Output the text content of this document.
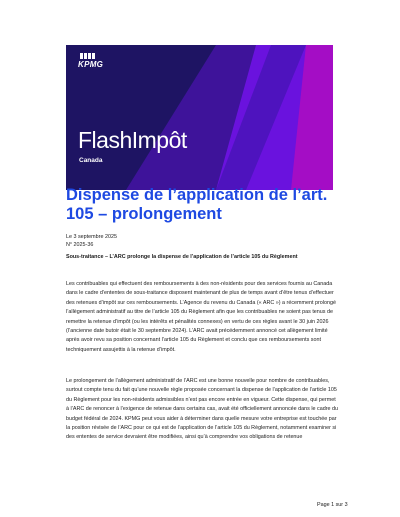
KPMG
FlashImpôt
Canada
Dispense de l’application de l’art. 105 – prolongement
Le 3 septembre 2025
N° 2025-36

Sous-traitance – L’ARC prolonge la dispense de l’application de l’article 105 du Règlement

Les contribuables qui effectuent des remboursements à des non-résidents pour des services fournis au Canada dans le cadre d’ententes de sous-traitance disposent maintenant de plus de temps avant d’être tenus d’effectuer des retenues d’impôt sur ces remboursements. L’Agence du revenu du Canada (« ARC ») a récemment prolongé l’allègement administratif au titre de l’article 105 du Règlement afin que les contribuables ne soient pas tenus de remettre la retenue d’impôt (ou les intérêts et pénalités connexes) en vertu de ces règles avant le 30 juin 2026 (l’ancienne date butoir était le 30 septembre 2024). L’ARC avait précédemment annoncé cet allègement limité après avoir revu sa position concernant l’article 105 du Règlement et conclu que ces remboursements sont techniquement assujettis à la retenue d’impôt.

Le prolongement de l’allègement administratif de l’ARC est une bonne nouvelle pour nombre de contribuables, surtout compte tenu du fait qu’une nouvelle règle proposée concernant la dispense de l’application de l’article 105 du Règlement pour les non-résidents admissibles n’est pas encore entrée en vigueur. Cette dispense, qui permet à l’ARC de renoncer à l’exigence de retenue dans certains cas, avait été officiellement annoncée dans le cadre du budget fédéral de 2024. KPMG peut vous aider à déterminer dans quelle mesure votre entreprise est touchée par la position révisée de l’ARC pour ce qui est de l’application de l’article 105 du Règlement, notamment examiner si des ententes de service devraient être modifiées, ainsi qu’à comprendre vos obligations de retenue

Page 1 sur 3
